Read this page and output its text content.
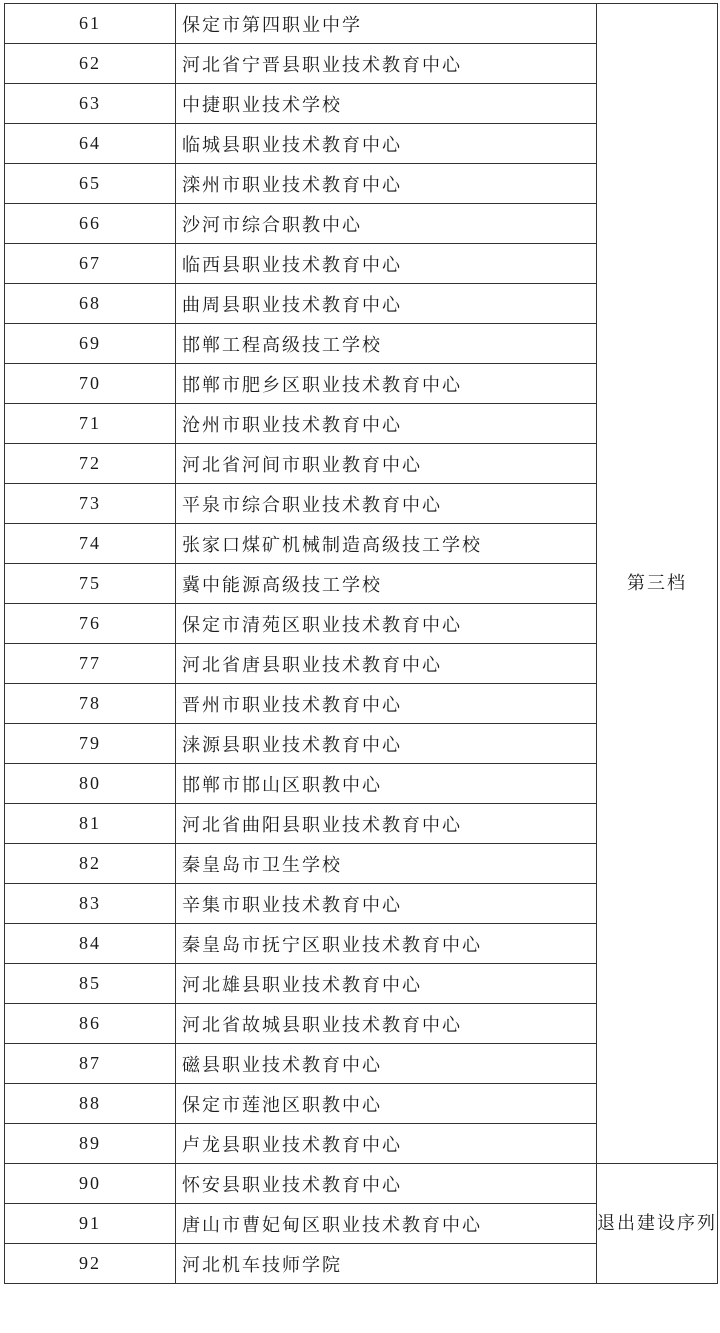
61	保定市第四职业中学	第三档
62	河北省宁晋县职业技术教育中心	
63	中捷职业技术学校	
64	临城县职业技术教育中心	
65	滦州市职业技术教育中心	
66	沙河市综合职教中心	
67	临西县职业技术教育中心	
68	曲周县职业技术教育中心	
69	邯郸工程高级技工学校	
70	邯郸市肥乡区职业技术教育中心	
71	沧州市职业技术教育中心	
72	河北省河间市职业教育中心	
73	平泉市综合职业技术教育中心	
74	张家口煤矿机械制造高级技工学校	
75	冀中能源高级技工学校	
76	保定市清苑区职业技术教育中心	
77	河北省唐县职业技术教育中心	
78	晋州市职业技术教育中心	
79	涞源县职业技术教育中心	
80	邯郸市邯山区职教中心	
81	河北省曲阳县职业技术教育中心	
82	秦皇岛市卫生学校	
83	辛集市职业技术教育中心	
84	秦皇岛市抚宁区职业技术教育中心	
85	河北雄县职业技术教育中心	
86	河北省故城县职业技术教育中心	
87	磁县职业技术教育中心	
88	保定市莲池区职教中心	
89	卢龙县职业技术教育中心	
90	怀安县职业技术教育中心	退出建设序列
91	唐山市曹妃甸区职业技术教育中心	
92	河北机车技师学院	
